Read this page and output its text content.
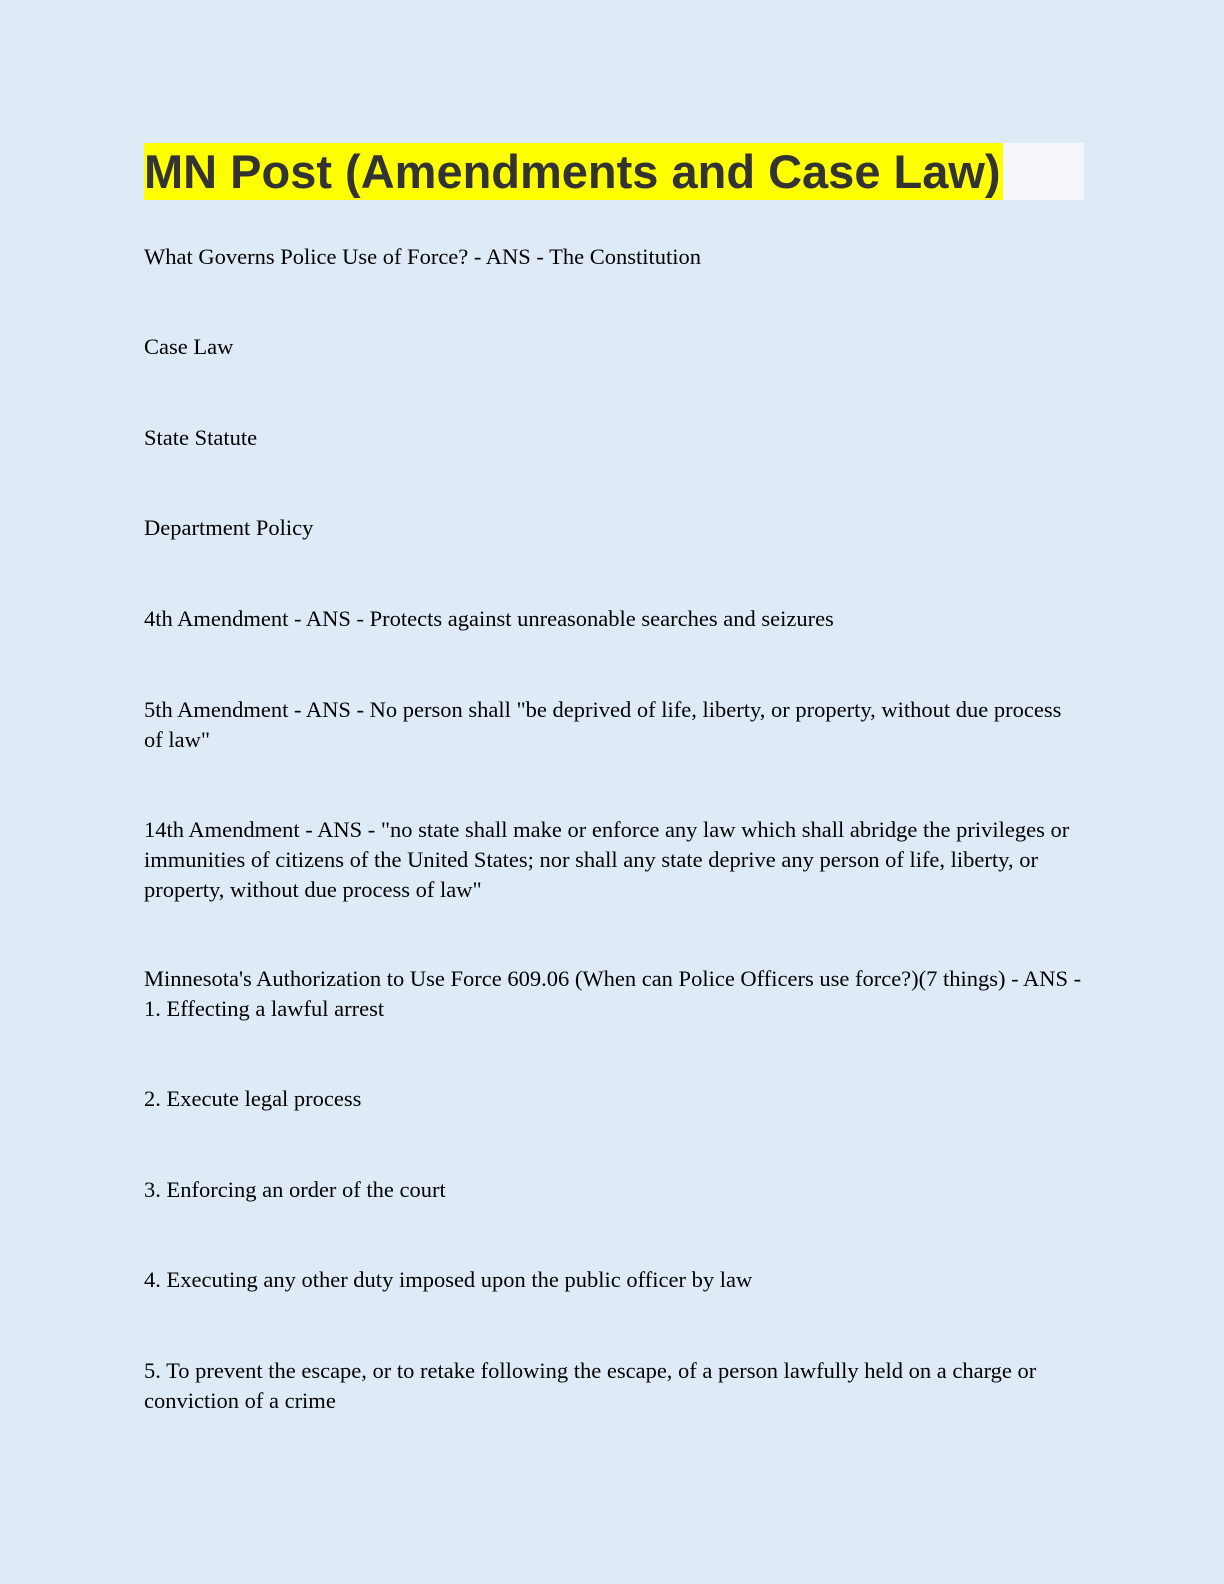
MN Post (Amendments and Case Law)

What Governs Police Use of Force? - ANS - The Constitution

Case Law

State Statute

Department Policy

4th Amendment - ANS - Protects against unreasonable searches and seizures

5th Amendment - ANS - No person shall "be deprived of life, liberty, or property, without due process of law"

14th Amendment - ANS - "no state shall make or enforce any law which shall abridge the privileges or immunities of citizens of the United States; nor shall any state deprive any person of life, liberty, or property, without due process of law"

Minnesota's Authorization to Use Force 609.06 (When can Police Officers use force?)(7 things) - ANS - 1. Effecting a lawful arrest

2. Execute legal process

3. Enforcing an order of the court

4. Executing any other duty imposed upon the public officer by law

5. To prevent the escape, or to retake following the escape, of a person lawfully held on a charge or conviction of a crime
